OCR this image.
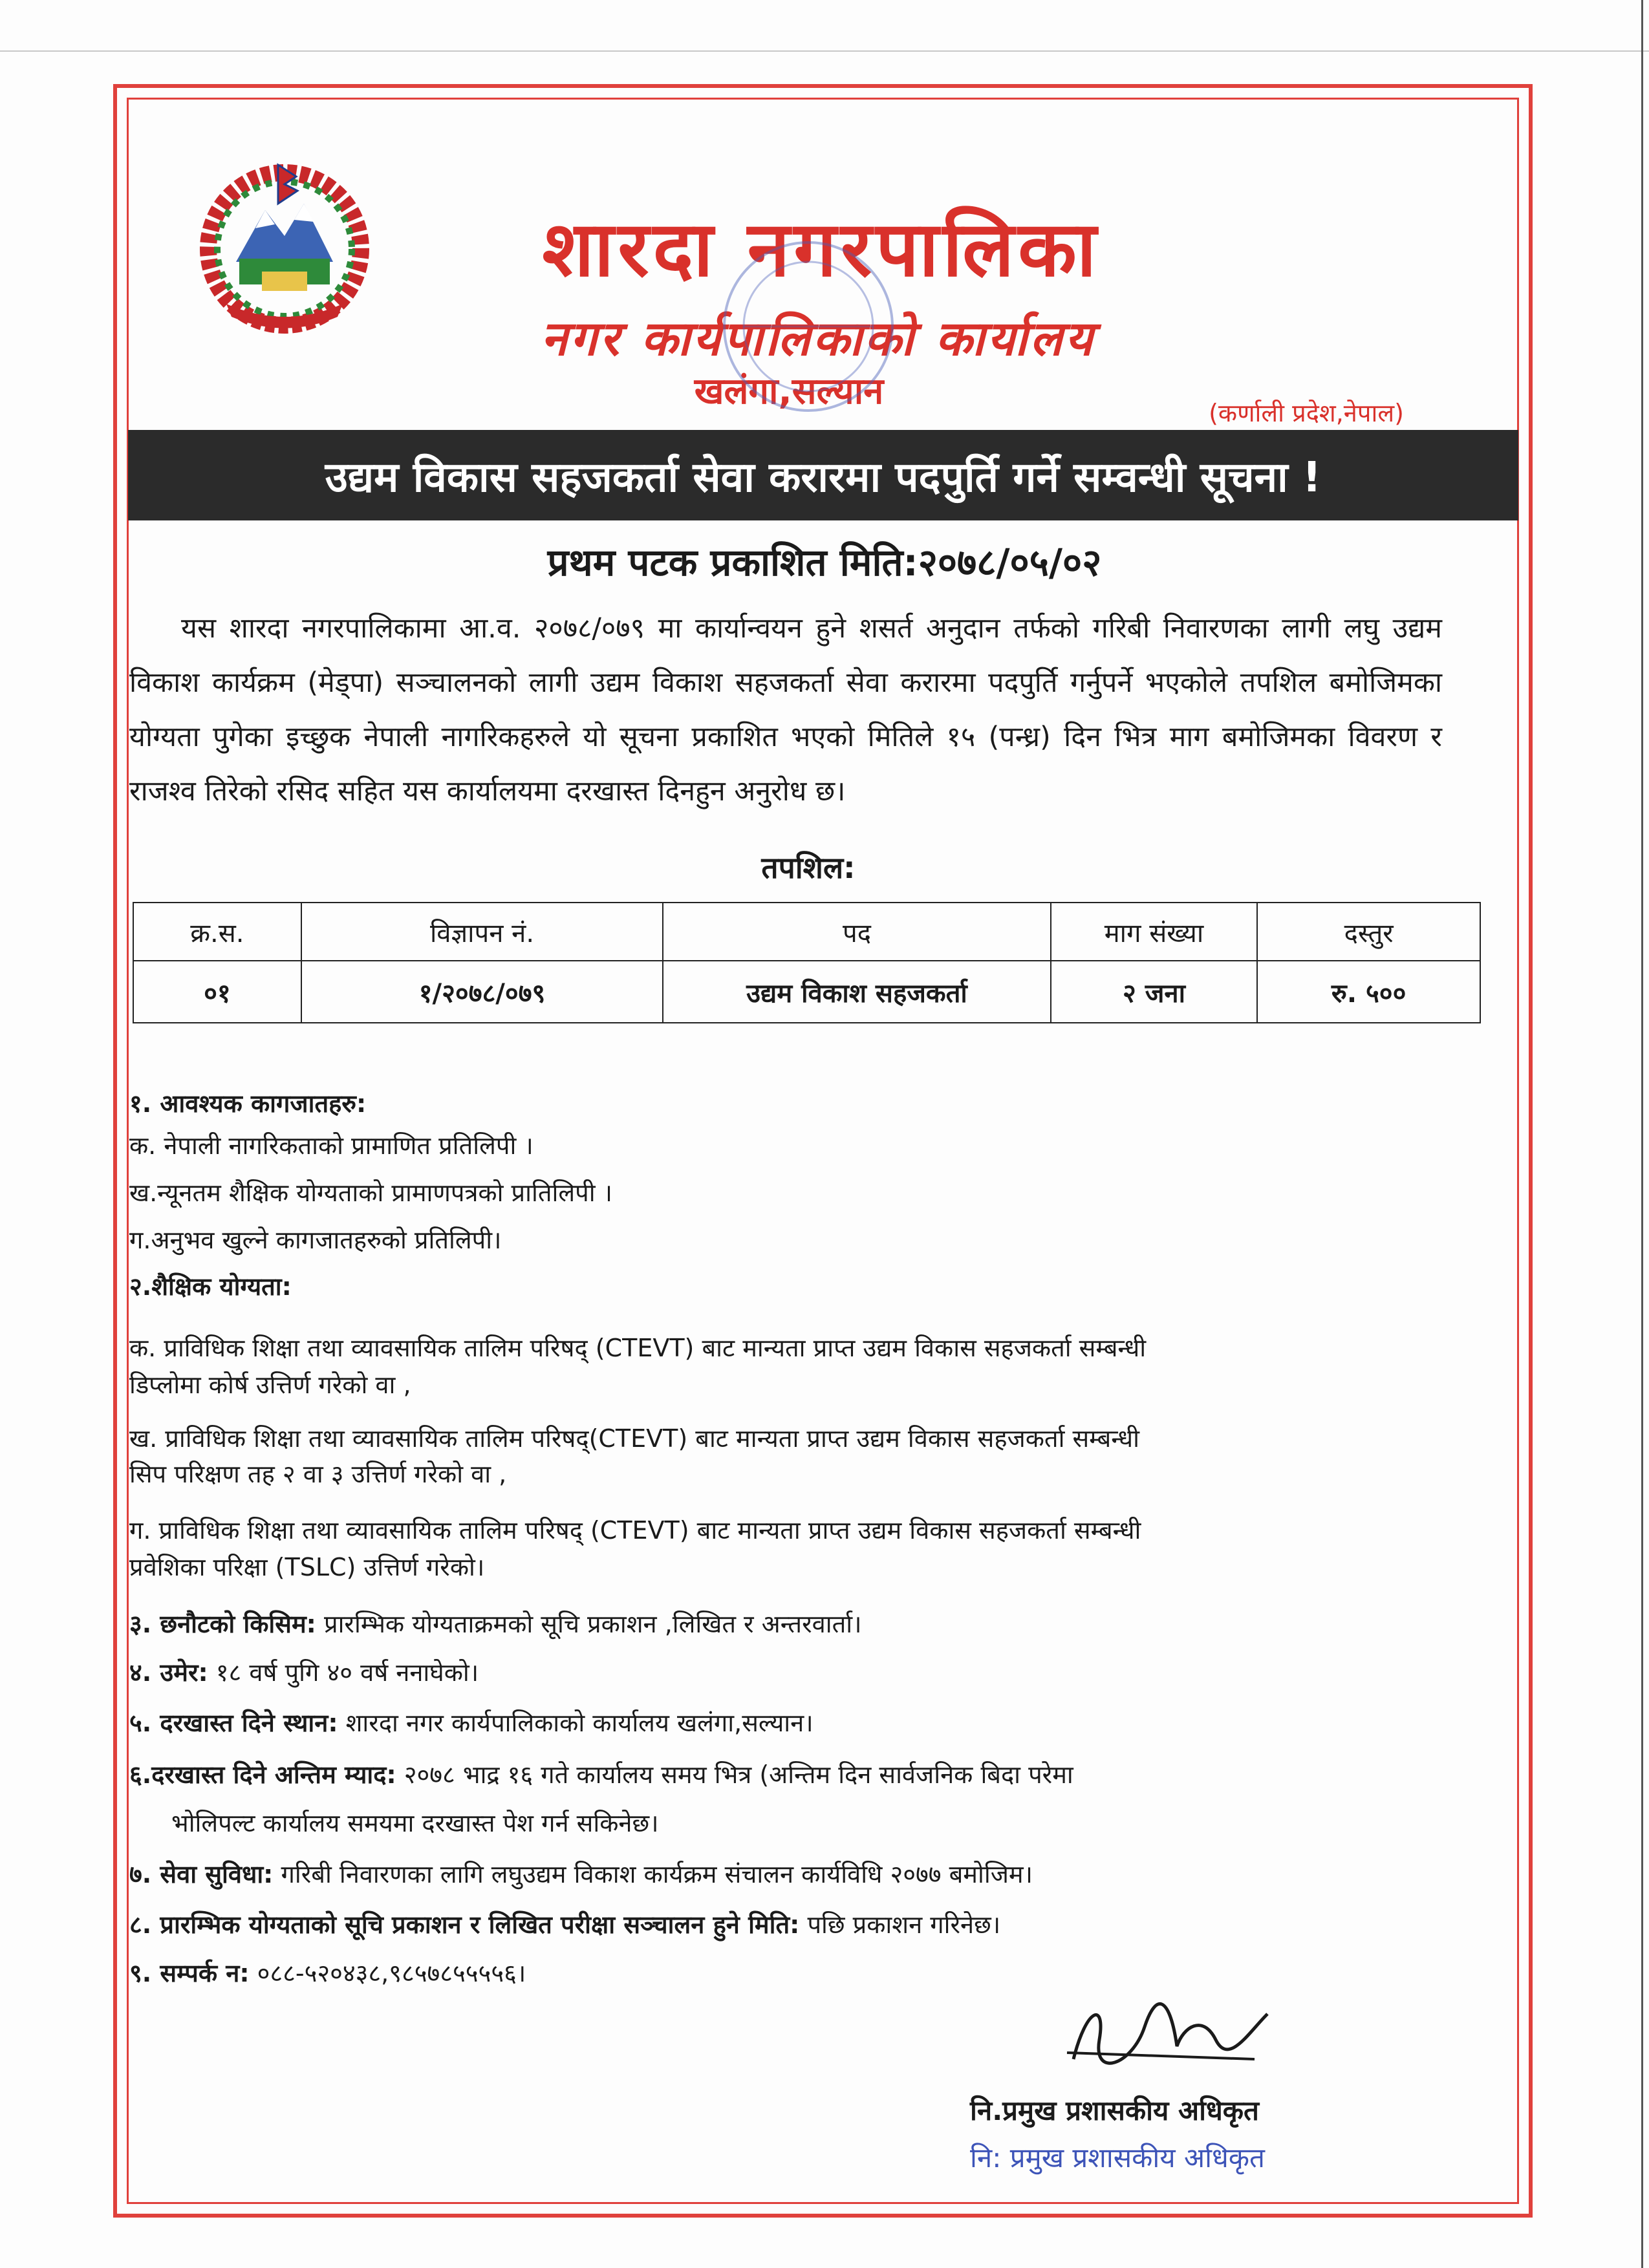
शारदा नगरपालिका
नगर कार्यपालिकाको कार्यालय
खलंगा,सल्यान
(कर्णाली प्रदेश,नेपाल)
उद्यम विकास सहजकर्ता सेवा करारमा पदपुर्ति गर्ने सम्वन्धी सूचना !
प्रथम पटक प्रकाशित मिति:२०७८/०५/०२
यस शारदा नगरपालिकामा आ.व. २०७८/०७९ मा कार्यान्वयन हुने शसर्त अनुदान तर्फको गरिबी निवारणका लागी लघु उद्यम विकाश कार्यक्रम (मेड्पा) सञ्चालनको लागी उद्यम विकाश सहजकर्ता सेवा करारमा पदपुर्ति गर्नुपर्ने भएकोले तपशिल बमोजिमका योग्यता पुगेका इच्छुक नेपाली नागरिकहरुले यो सूचना प्रकाशित भएको मितिले १५ (पन्ध्र) दिन भित्र माग बमोजिमका विवरण र राजश्व तिरेको रसिद सहित यस कार्यालयमा दरखास्त दिनहुन अनुरोध छ।
तपशिल:
क्र.स.	विज्ञापन नं.	पद	माग संख्या	दस्तुर
०१	१/२०७८/०७९	उद्यम विकाश सहजकर्ता	२ जना	रु. ५००
१. आवश्यक कागजातहरु:
क. नेपाली नागरिकताको प्रामाणित प्रतिलिपी ।
ख.न्यूनतम शैक्षिक योग्यताको प्रामाणपत्रको प्रातिलिपी ।
ग.अनुभव खुल्ने कागजातहरुको प्रतिलिपी।
२.शैक्षिक योग्यता:
क. प्राविधिक शिक्षा तथा व्यावसायिक तालिम परिषद् (CTEVT) बाट मान्यता प्राप्त उद्यम विकास सहजकर्ता सम्बन्धी
डिप्लोमा कोर्ष उत्तिर्ण गरेको वा ,
ख. प्राविधिक शिक्षा तथा व्यावसायिक तालिम परिषद्(CTEVT) बाट मान्यता प्राप्त उद्यम विकास सहजकर्ता सम्बन्धी
सिप परिक्षण तह २ वा ३ उत्तिर्ण गरेको वा ,
ग. प्राविधिक शिक्षा तथा व्यावसायिक तालिम परिषद् (CTEVT) बाट मान्यता प्राप्त उद्यम विकास सहजकर्ता सम्बन्धी
प्रवेशिका परिक्षा (TSLC) उत्तिर्ण गरेको।
३. छनौटको किसिम: प्रारम्भिक योग्यताक्रमको सूचि प्रकाशन ,लिखित र अन्तरवार्ता।
४. उमेर: १८ वर्ष पुगि ४० वर्ष ननाघेको।
५. दरखास्त दिने स्थान: शारदा नगर कार्यपालिकाको कार्यालय खलंगा,सल्यान।
६.दरखास्त दिने अन्तिम म्याद: २०७८ भाद्र १६ गते कार्यालय समय भित्र (अन्तिम दिन सार्वजनिक बिदा परेमा
भोलिपल्ट कार्यालय समयमा दरखास्त पेश गर्न सकिनेछ।
७. सेवा सुविधा: गरिबी निवारणका लागि लघुउद्यम विकाश कार्यक्रम संचालन कार्यविधि २०७७ बमोजिम।
८. प्रारम्भिक योग्यताको सूचि प्रकाशन र लिखित परीक्षा सञ्चालन हुने मिति: पछि प्रकाशन गरिनेछ।
९. सम्पर्क न: ०८८-५२०४३८,९८५७८५५५५६।
नि.प्रमुख प्रशासकीय अधिकृत
नि: प्रमुख प्रशासकीय अधिकृत
